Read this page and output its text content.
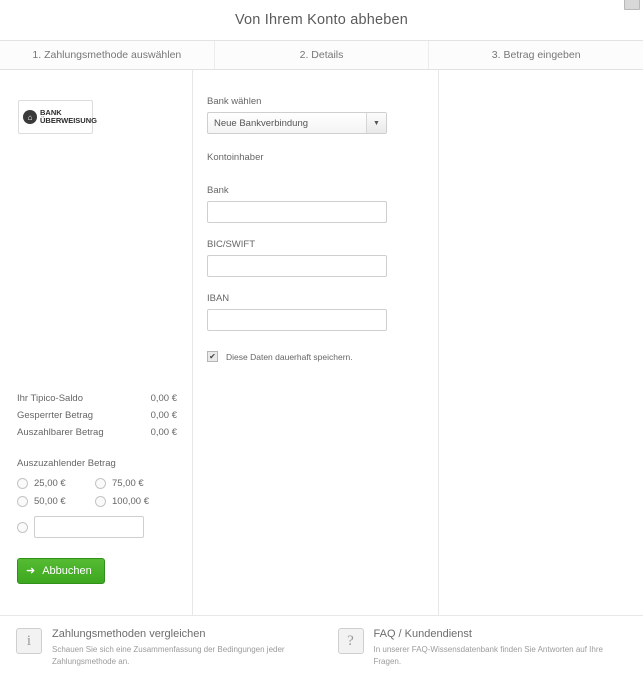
Von Ihrem Konto abheben
1. Zahlungsmethode auswählen	2. Details	3. Betrag eingeben
⌂	BANK
ÜBERWEISUNG
Ihr Tipico-Saldo	0,00 €
Gesperrter Betrag	0,00 €
Auszahlbarer Betrag	0,00 €
Auszuzahlender Betrag
25,00 €	75,00 €
50,00 €	100,00 €
➜ Abbuchen
Bank wählen
Neue Bankverbindung	▼
Kontoinhaber
Bank
BIC/SWIFT
IBAN
✔ Diese Daten dauerhaft speichern.
i	Zahlungsmethoden vergleichen
Schauen Sie sich eine Zusammenfassung der Bedingungen jeder Zahlungsmethode an.
?	FAQ / Kundendienst
In unserer FAQ-Wissensdatenbank finden Sie Antworten auf Ihre Fragen.
